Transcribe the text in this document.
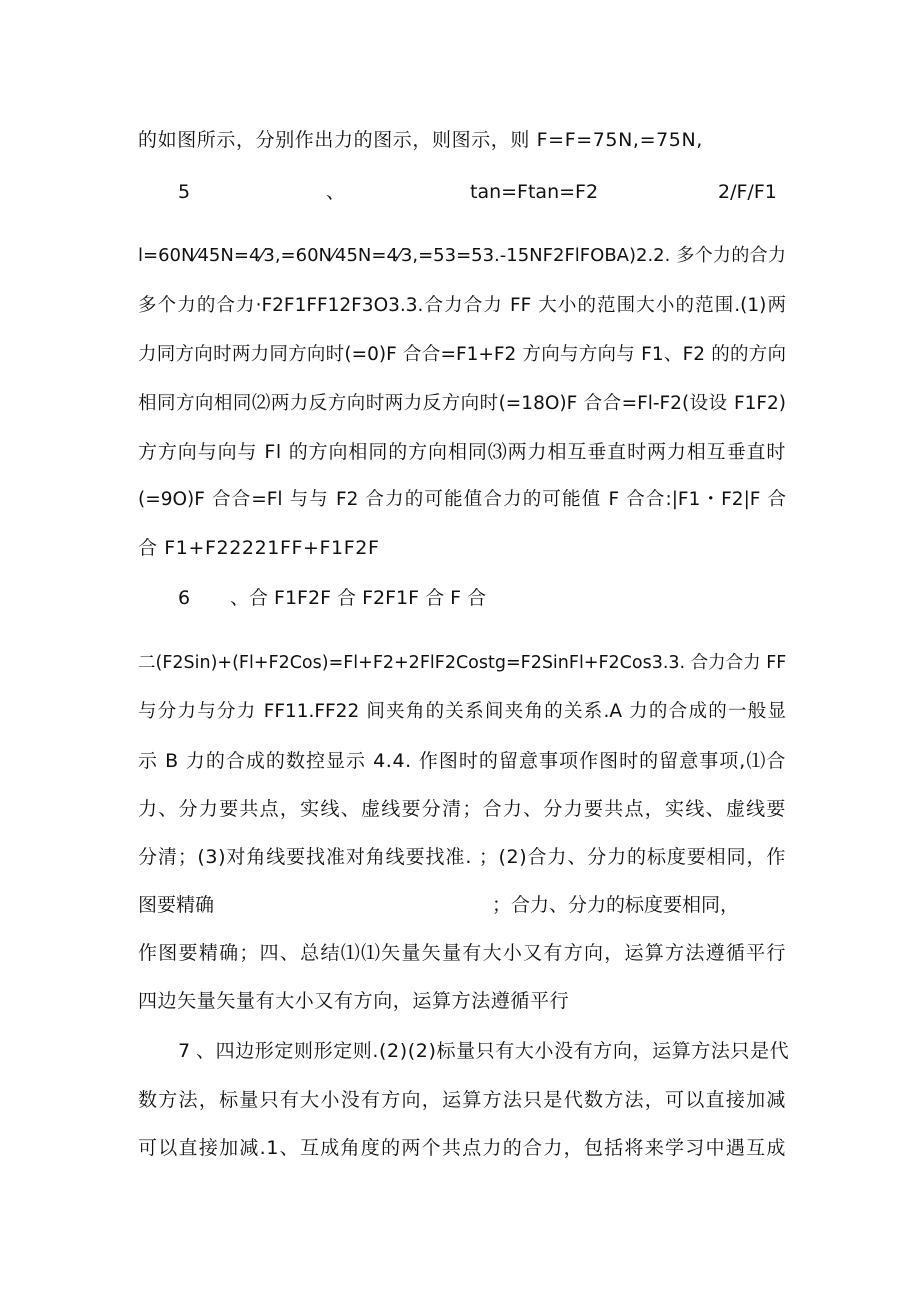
的如图所示，分别作出力的图示，则图示，则 F=F=75N,=75N,
5	、	tan=Ftan=F2	2/F/F1
l=60N⁄45N=4⁄3,=60N⁄45N=4⁄3,=53=53.-15NF2FlFOBA)2.2. 多个力的合力
多个力的合力·F2F1FF12F3O3.3.合力合力 FF 大小的范围大小的范围.(1)两
力同方向时两力同方向时(=0)F 合合=F1+F2 方向与方向与 F1、F2 的的方向
相同方向相同⑵两力反方向时两力反方向时(=18O)F 合合=Fl-F2(设设 F1F2)
方方向与向与 Fl 的方向相同的方向相同⑶两力相互垂直时两力相互垂直时
(=9O)F 合合=Fl 与与 F2 合力的可能值合力的可能值 F 合合:|F1・F2|F 合
合 F1+F22221FF+F1F2F
6 、合 F1F2F 合 F2F1F 合 F 合
二(F2Sin)+(Fl+F2Cos)=Fl+F2+2FlF2Costg=F2SinFl+F2Cos3.3. 合力合力 FF
与分力与分力 FF11.FF22 间夹角的关系间夹角的关系.A 力的合成的一般显
示 B 力的合成的数控显示 4.4. 作图时的留意事项作图时的留意事项,⑴合
力、分力要共点，实线、虚线要分清；合力、分力要共点，实线、虚线要
分清；(3)对角线要找准对角线要找准. ；(2)合力、分力的标度要相同，作
图要精确	；合力、分力的标度要相同，
作图要精确；四、总结⑴⑴矢量矢量有大小又有方向，运算方法遵循平行
四边矢量矢量有大小又有方向，运算方法遵循平行
7 、四边形定则形定则.(2)(2)标量只有大小没有方向，运算方法只是代
数方法，标量只有大小没有方向，运算方法只是代数方法，可以直接加减
可以直接加减.1、互成角度的两个共点力的合力，包括将来学习中遇互成
